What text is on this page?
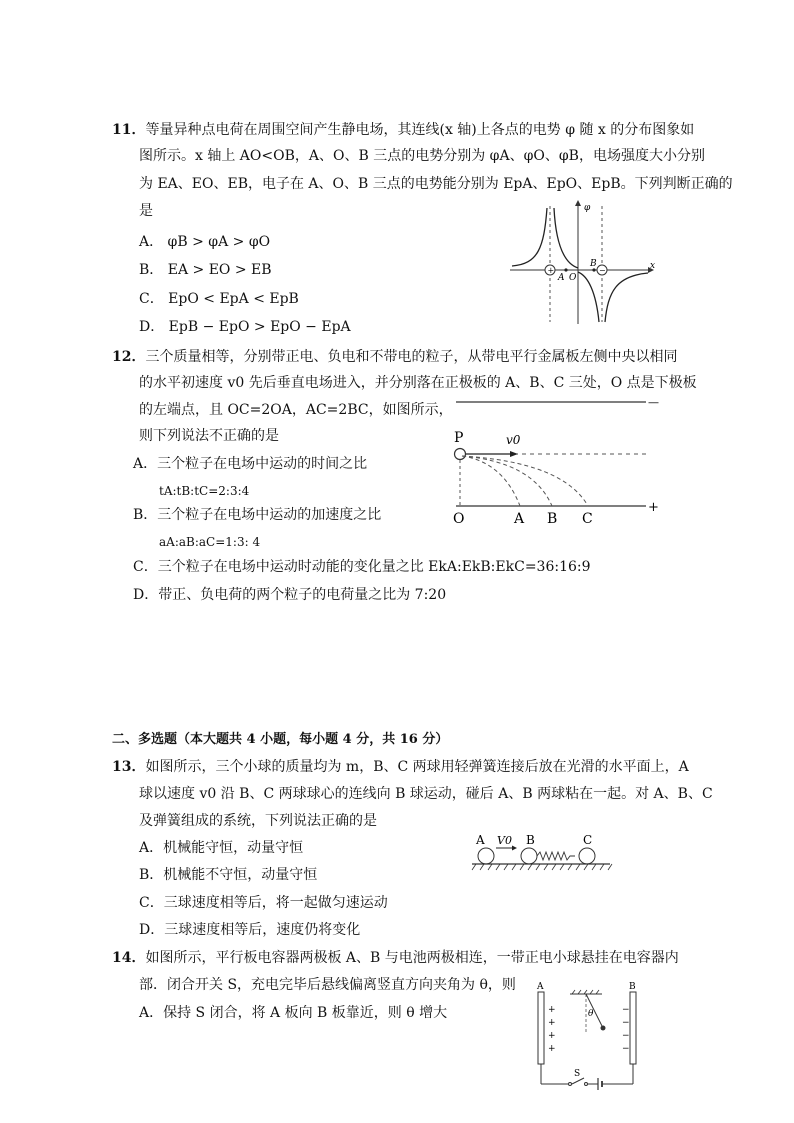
11．等量异种点电荷在周围空间产生静电场，其连线(x 轴)上各点的电势 φ 随 x 的分布图象如
图所示。x 轴上 AO<OB，A、O、B 三点的电势分别为 φA、φO、φB，电场强度大小分别
为 EA、EO、EB，电子在 A、O、B 三点的电势能分别为 EpA、EpO、EpB。下列判断正确的
是
A． φB > φA > φO
B． EA > EO > EB
C． EpO < EpA < EpB
D． EpB − EpO > EpO − EpA
+	−
φ
x
A O
B
12．三个质量相等，分别带正电、负电和不带电的粒子，从带电平行金属板左侧中央以相同
的水平初速度 v0 先后垂直电场进入，并分别落在正极板的 A、B、C 三处，O 点是下极板
的左端点，且 OC=2OA，AC=2BC，如图所示，
则下列说法不正确的是
A．三个粒子在电场中运动的时间之比
tA:tB:tC=2:3:4
B．三个粒子在电场中运动的加速度之比
aA:aB:aC=1:3: 4
C．三个粒子在电场中运动时动能的变化量之比 EkA:EkB:EkC=36:16:9
D．带正、负电荷的两个粒子的电荷量之比为 7:20
—
+
P	v0
O	A B C
二、多选题（本大题共 4 小题，每小题 4 分，共 16 分）
13．如图所示，三个小球的质量均为 m，B、C 两球用轻弹簧连接后放在光滑的水平面上，A
球以速度 v0 沿 B、C 两球球心的连线向 B 球运动，碰后 A、B 两球粘在一起。对 A、B、C
及弹簧组成的系统，下列说法正确的是
A．机械能守恒，动量守恒
B．机械能不守恒，动量守恒
C．三球速度相等后，将一起做匀速运动
D．三球速度相等后，速度仍将变化
A V0 B	C
14．如图所示，平行板电容器两极板 A、B 与电池两极相连，一带正电小球悬挂在电容器内
部．闭合开关 S，充电完毕后悬线偏离竖直方向夹角为 θ，则
A．保持 S 闭合，将 A 板向 B 板靠近，则 θ 增大
A	B
+
+
+
+
−
−
−
−
θ
S
